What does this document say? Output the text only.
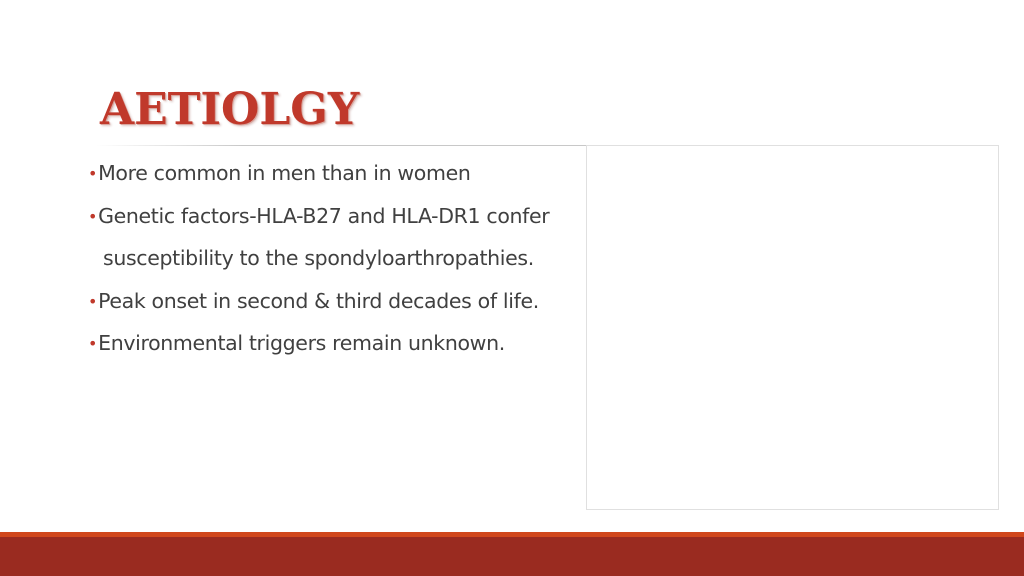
AETIOLGY
•More common in men than in women
•Genetic factors-HLA-B27 and HLA-DR1 confer
susceptibility to the spondyloarthropathies.
•Peak onset in second & third decades of life.
•Environmental triggers remain unknown.
